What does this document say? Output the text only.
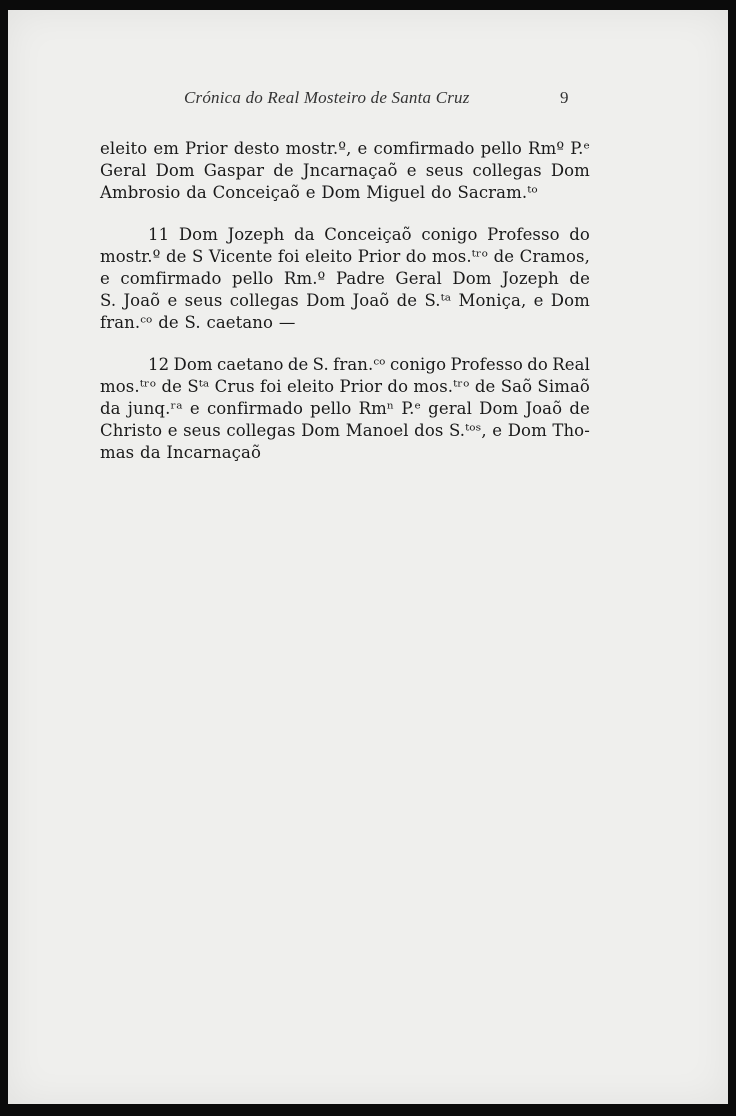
Crónica do Real Mosteiro de Santa Cruz	9
eleito em Prior desto mostr.º, e comfirmado pello Rmº P.ᵉ
Geral Dom Gaspar de Jncarnaçaõ e seus collegas Dom
Ambrosio da Conceiçaõ e Dom Miguel do Sacram.ᵗᵒ
11 Dom Jozeph da Conceiçaõ conigo Professo do
mostr.º de S Vicente foi eleito Prior do mos.ᵗʳᵒ de Cramos,
e comfirmado pello Rm.º Padre Geral Dom Jozeph de
S. Joaõ e seus collegas Dom Joaõ de S.ᵗᵃ Moniça, e Dom
fran.ᶜᵒ de S. caetano —
12 Dom caetano de S. fran.ᶜᵒ conigo Professo do Real
mos.ᵗʳᵒ de Sᵗᵃ Crus foi eleito Prior do mos.ᵗʳᵒ de Saõ Simaõ
da junq.ʳᵃ e confirmado pello Rmⁿ P.ᵉ geral Dom Joaõ de
Christo e seus collegas Dom Manoel dos S.ᵗᵒˢ, e Dom Tho-
mas da Incarnaçaõ
